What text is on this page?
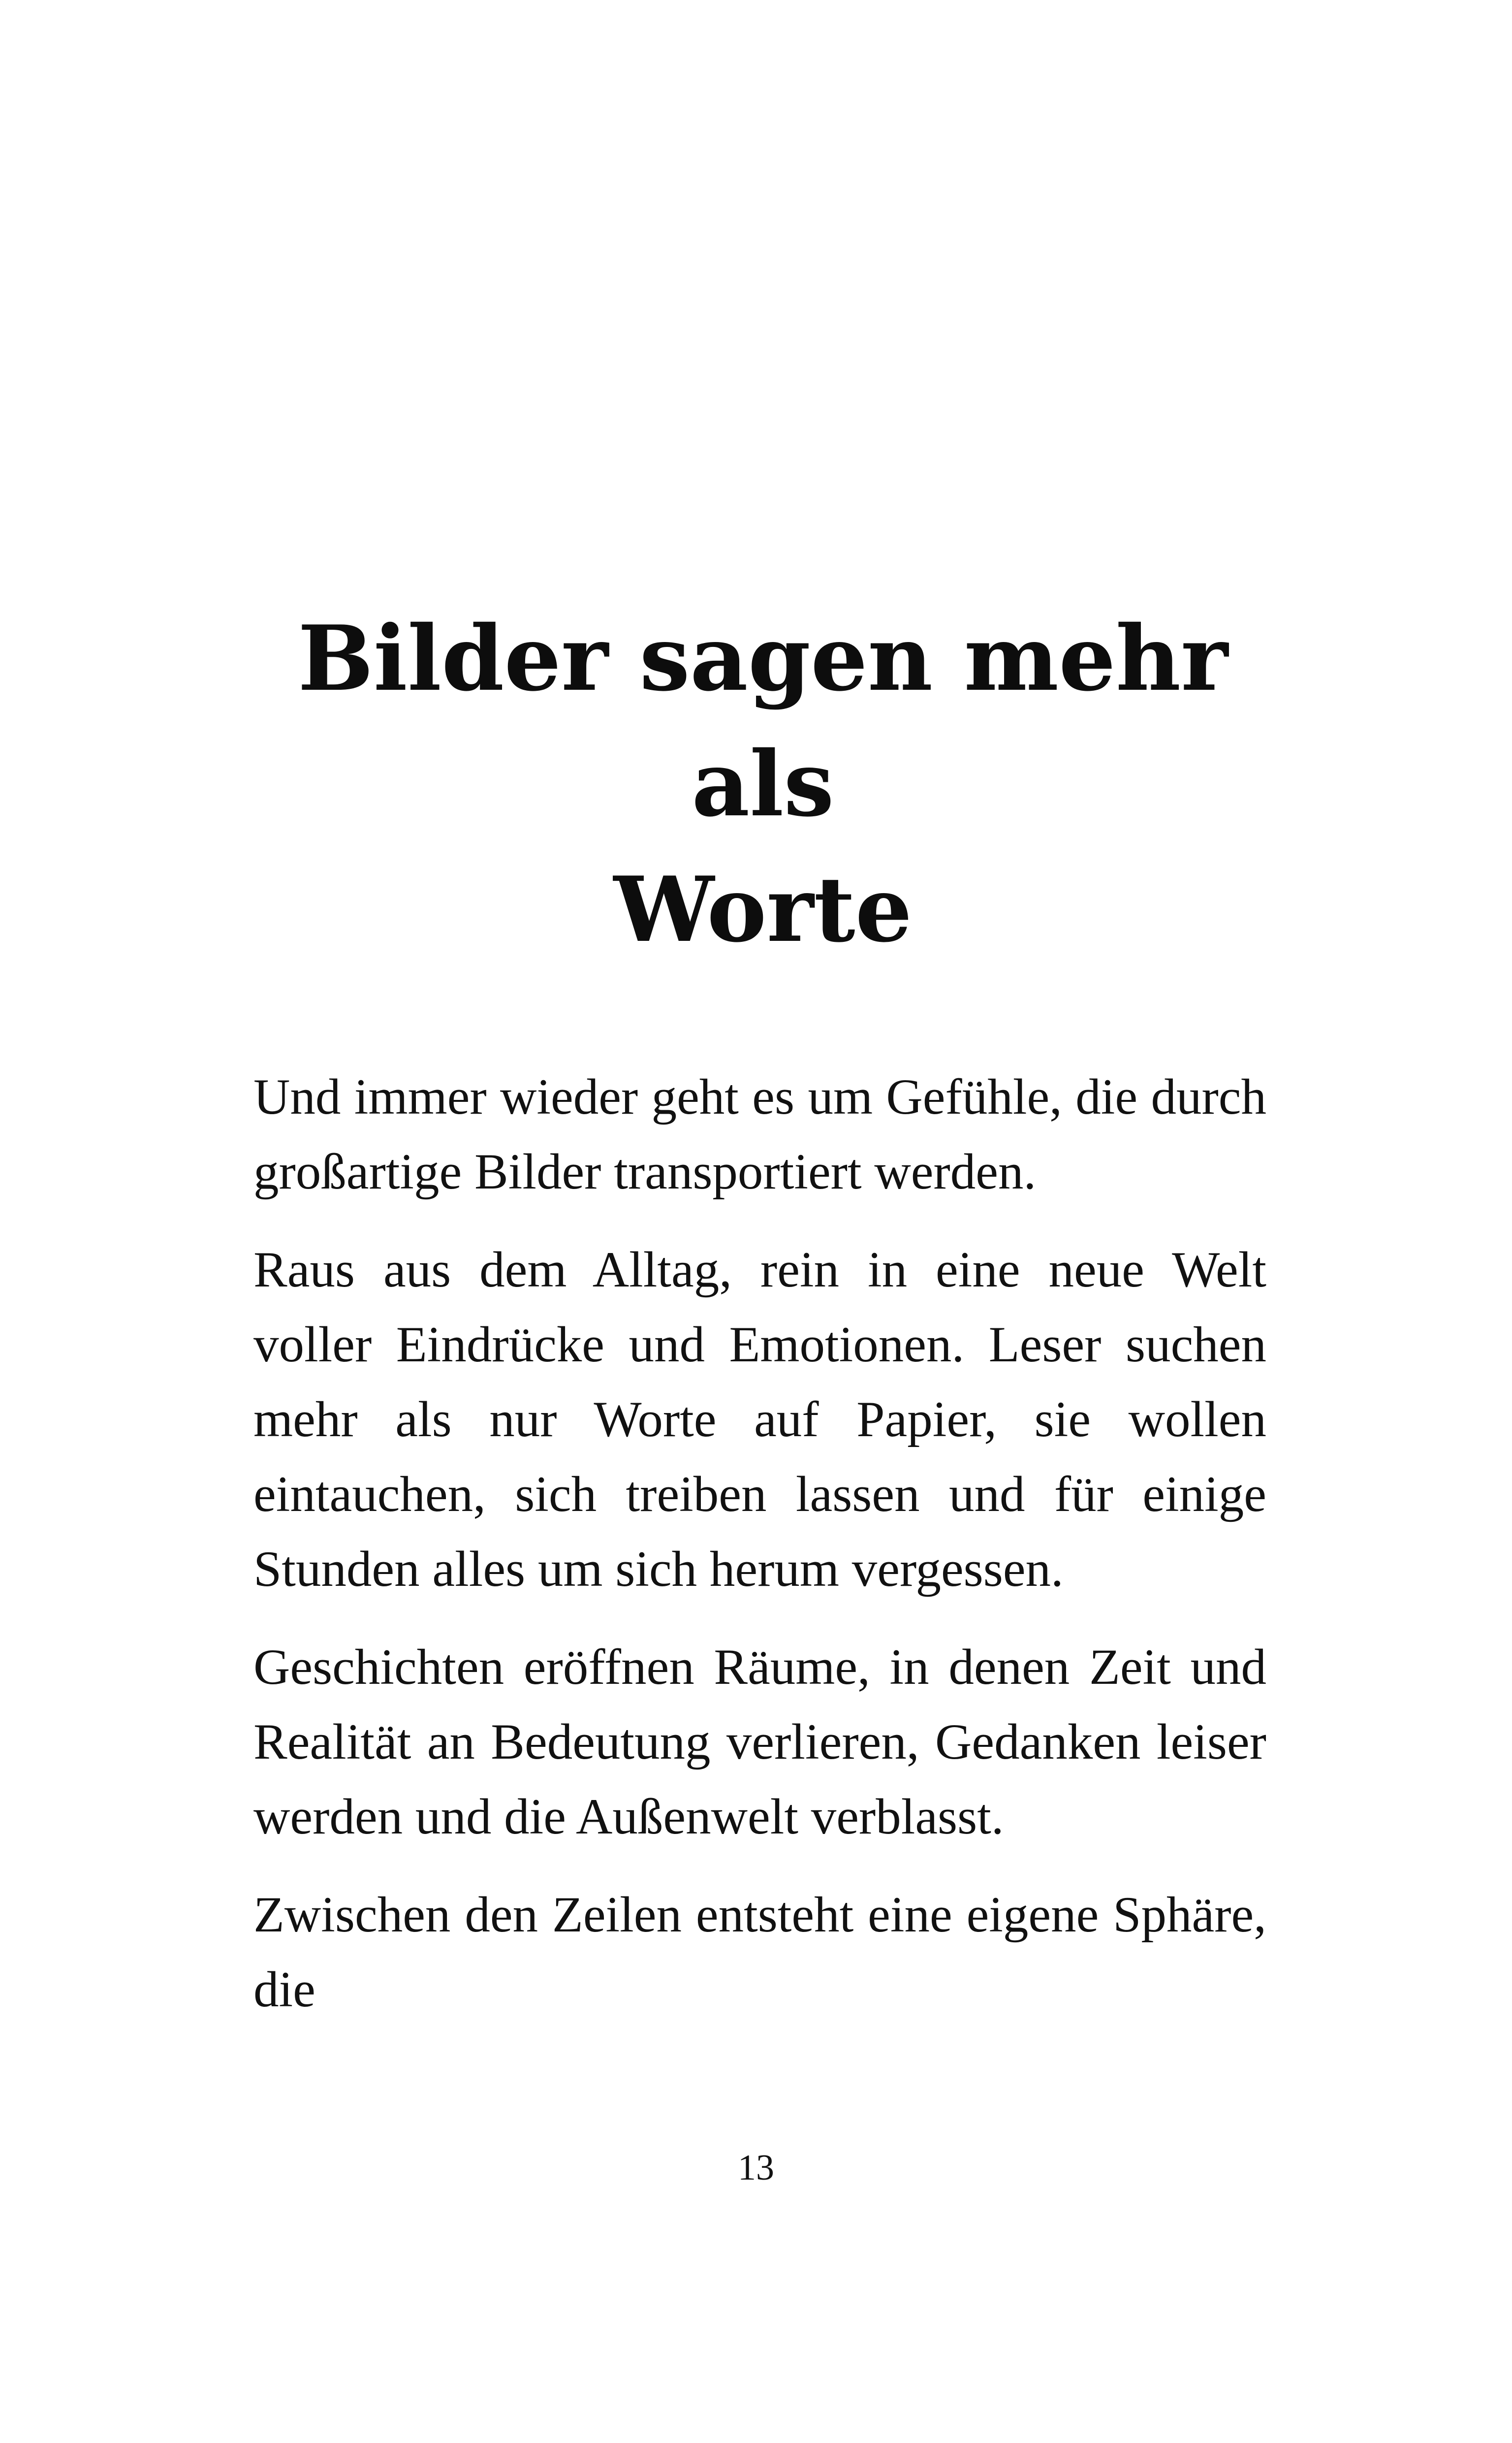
Bilder sagen mehr als
Worte

Und immer wieder geht es um Gefühle, die durch großartige Bilder transportiert werden.

Raus aus dem Alltag, rein in eine neue Welt voller Eindrücke und Emotionen. Leser suchen mehr als nur Worte auf Papier, sie wollen eintauchen, sich treiben lassen und für einige Stunden alles um sich herum vergessen.

Geschichten eröffnen Räume, in denen Zeit und Realität an Bedeutung verlieren, Gedanken leiser werden und die Außenwelt verblasst.

Zwischen den Zeilen entsteht eine eigene Sphäre, die

13
